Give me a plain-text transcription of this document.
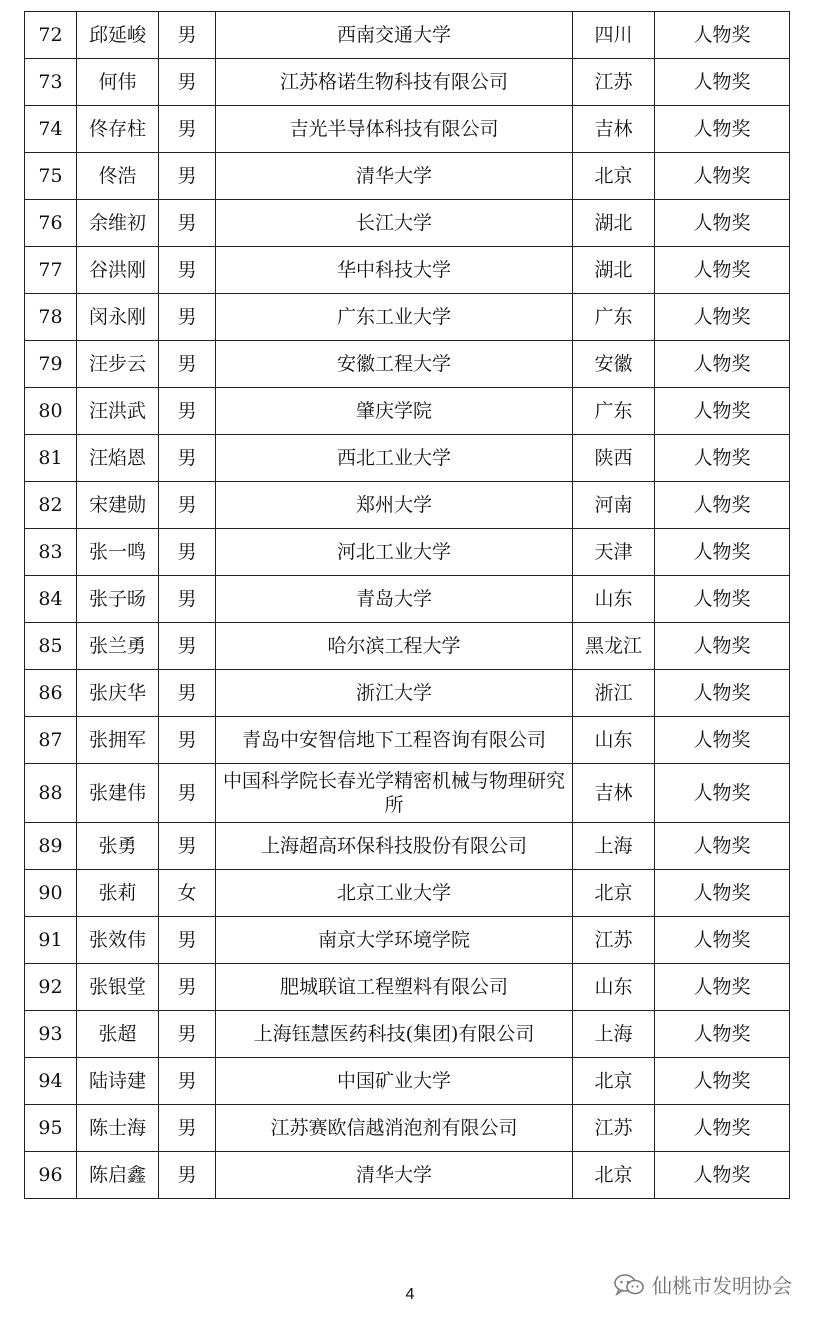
72	邱延峻	男	西南交通大学	四川	人物奖
73	何伟	男	江苏格诺生物科技有限公司	江苏	人物奖
74	佟存柱	男	吉光半导体科技有限公司	吉林	人物奖
75	佟浩	男	清华大学	北京	人物奖
76	余维初	男	长江大学	湖北	人物奖
77	谷洪刚	男	华中科技大学	湖北	人物奖
78	闵永刚	男	广东工业大学	广东	人物奖
79	汪步云	男	安徽工程大学	安徽	人物奖
80	汪洪武	男	肇庆学院	广东	人物奖
81	汪焰恩	男	西北工业大学	陕西	人物奖
82	宋建勋	男	郑州大学	河南	人物奖
83	张一鸣	男	河北工业大学	天津	人物奖
84	张子旸	男	青岛大学	山东	人物奖
85	张兰勇	男	哈尔滨工程大学	黑龙江	人物奖
86	张庆华	男	浙江大学	浙江	人物奖
87	张拥军	男	青岛中安智信地下工程咨询有限公司	山东	人物奖
88	张建伟	男	中国科学院长春光学精密机械与物理研究所	吉林	人物奖
89	张勇	男	上海超高环保科技股份有限公司	上海	人物奖
90	张莉	女	北京工业大学	北京	人物奖
91	张效伟	男	南京大学环境学院	江苏	人物奖
92	张银堂	男	肥城联谊工程塑料有限公司	山东	人物奖
93	张超	男	上海钰慧医药科技(集团)有限公司	上海	人物奖
94	陆诗建	男	中国矿业大学	北京	人物奖
95	陈士海	男	江苏赛欧信越消泡剂有限公司	江苏	人物奖
96	陈启鑫	男	清华大学	北京	人物奖
4	仙桃市发明协会
